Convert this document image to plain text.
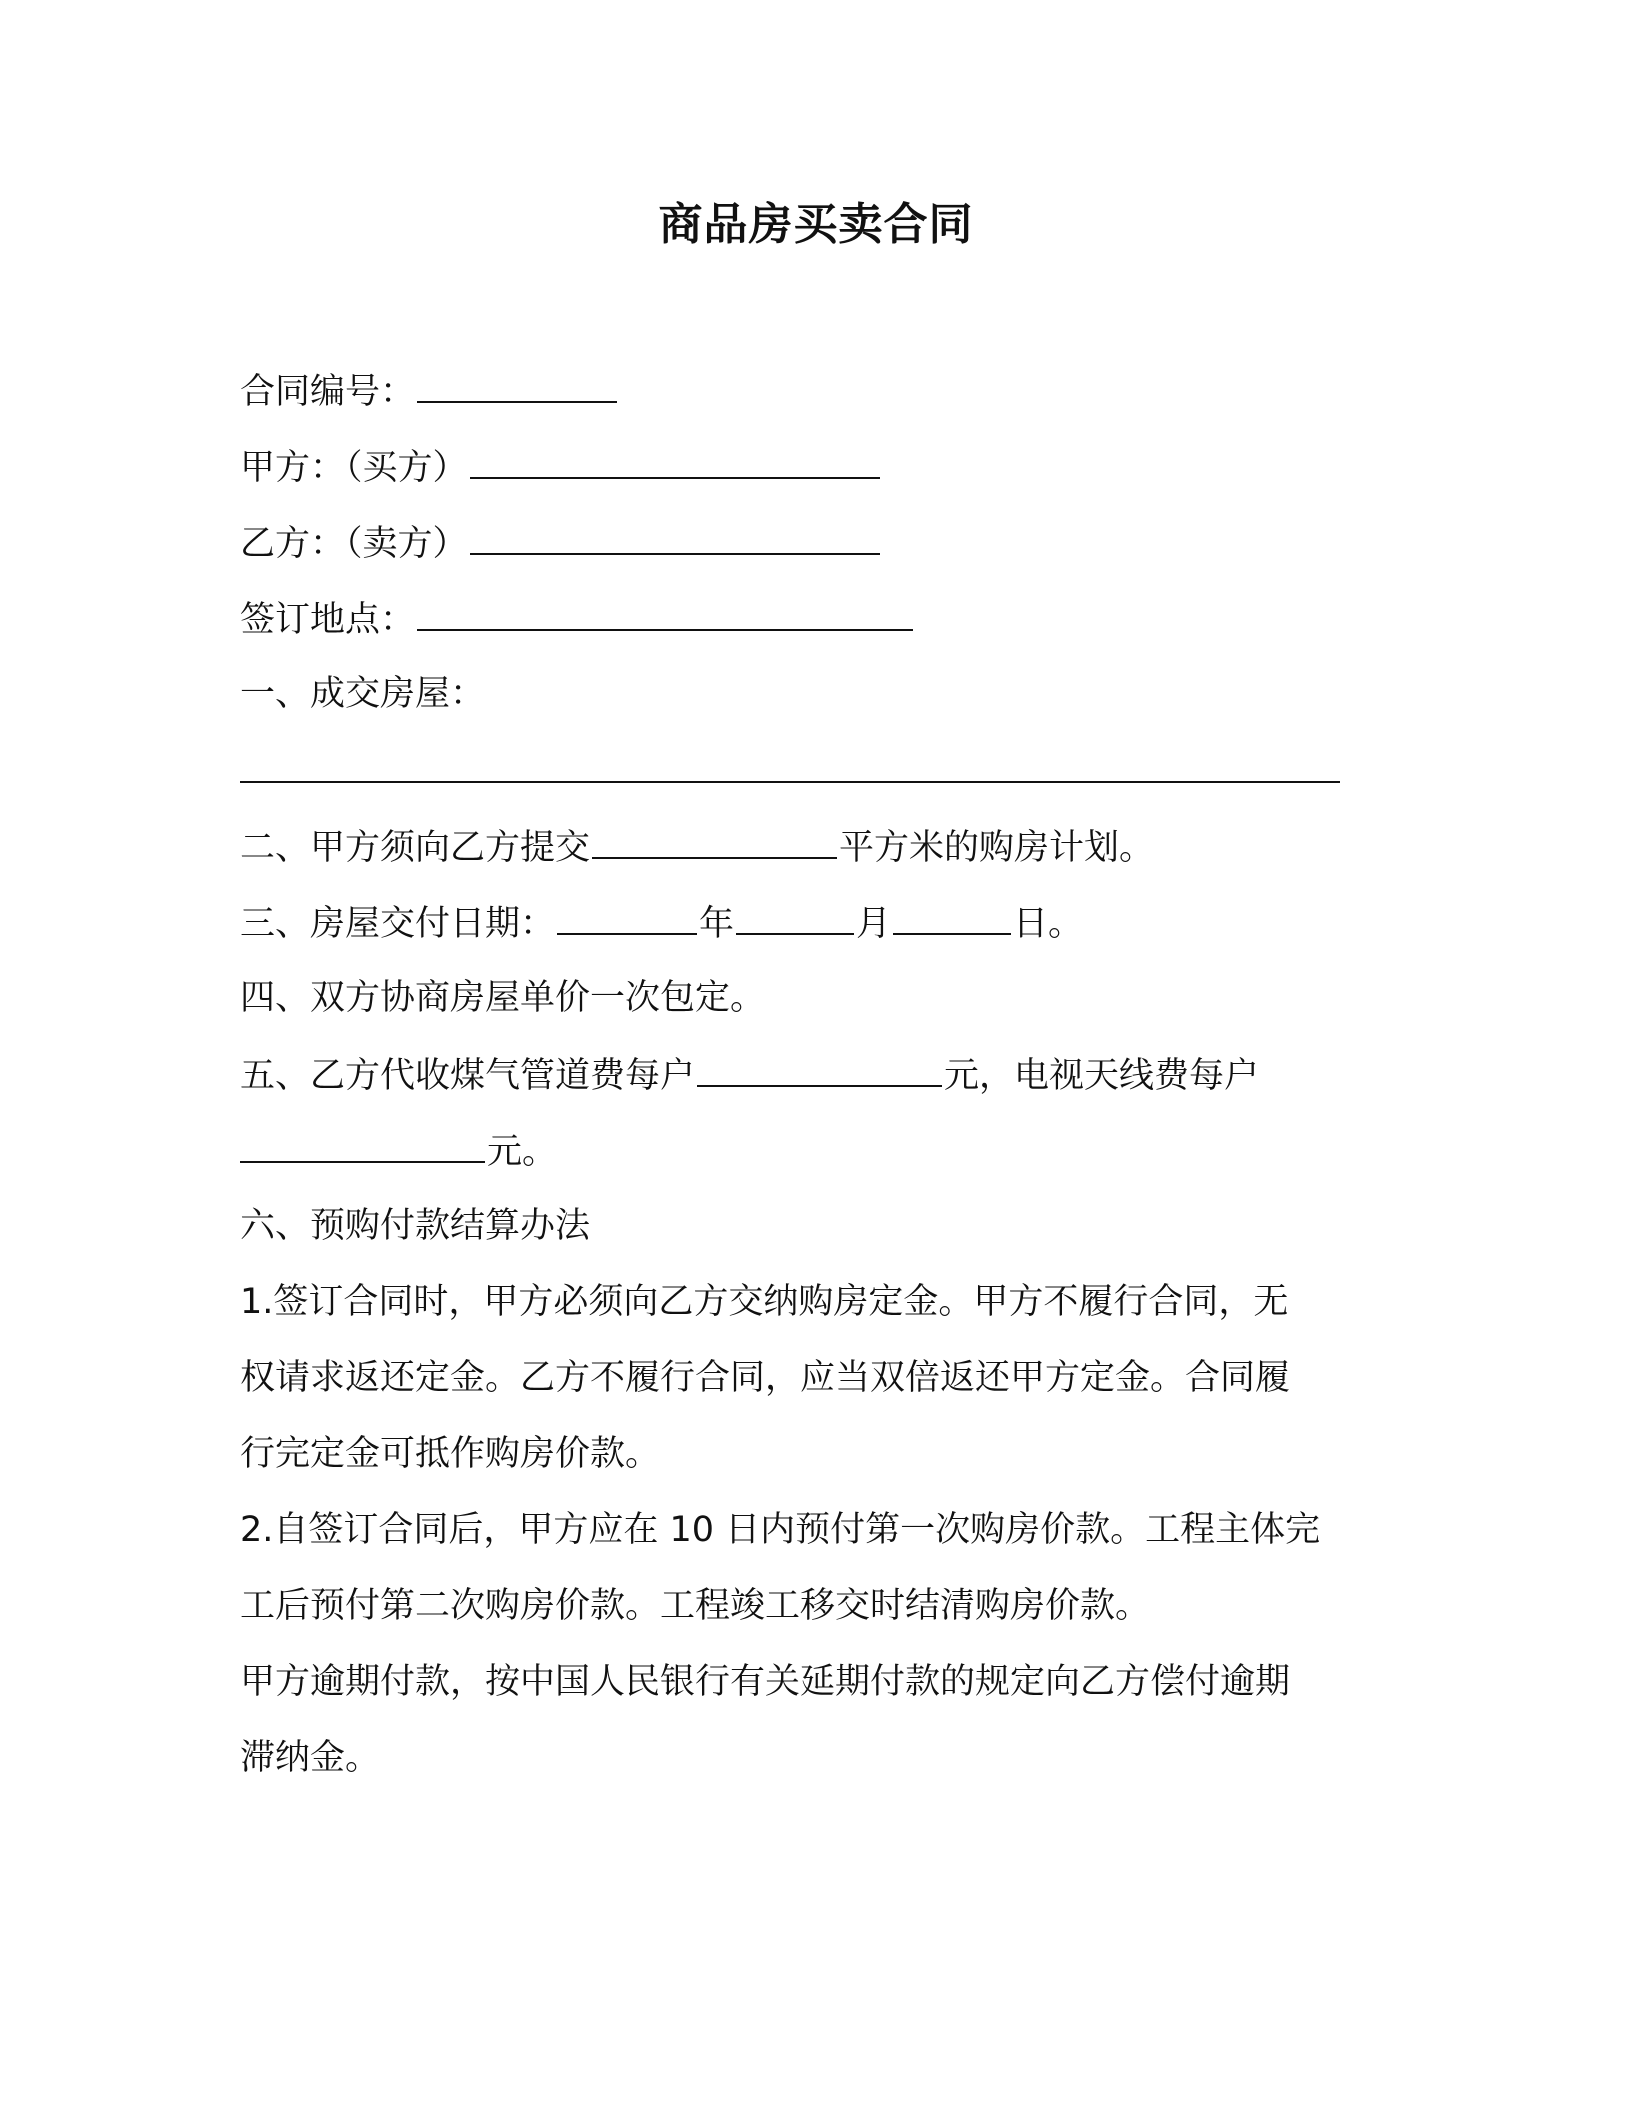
商品房买卖合同
合同编号：
甲方：（买方）
乙方：（卖方）
签订地点：
一、成交房屋：
二、甲方须向乙方提交	平方米的购房计划。
三、房屋交付日期：	年	月	日。
四、双方协商房屋单价一次包定。
五、乙方代收煤气管道费每户	元，电视天线费每户
元。
六、预购付款结算办法
1.签订合同时，甲方必须向乙方交纳购房定金。甲方不履行合同，无
权请求返还定金。乙方不履行合同，应当双倍返还甲方定金。合同履
行完定金可抵作购房价款。
2.自签订合同后，甲方应在 10 日内预付第一次购房价款。工程主体完
工后预付第二次购房价款。工程竣工移交时结清购房价款。
甲方逾期付款，按中国人民银行有关延期付款的规定向乙方偿付逾期
滞纳金。
